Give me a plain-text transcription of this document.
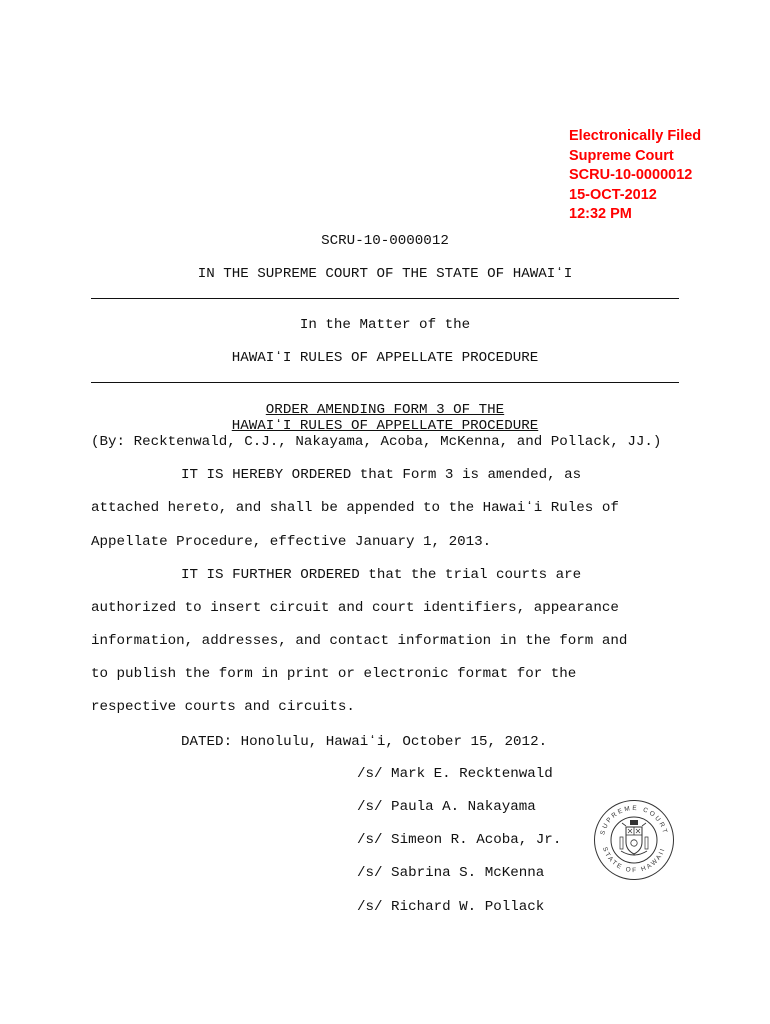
Electronically Filed
Supreme Court
SCRU-10-0000012
15-OCT-2012
12:32 PM
SCRU-10-0000012
IN THE SUPREME COURT OF THE STATE OF HAWAIʻI
In the Matter of the
HAWAIʻI RULES OF APPELLATE PROCEDURE
ORDER AMENDING FORM 3 OF THE
HAWAIʻI RULES OF APPELLATE PROCEDURE
(By: Recktenwald, C.J., Nakayama, Acoba, McKenna, and Pollack, JJ.)
IT IS HEREBY ORDERED that Form 3 is amended, as
attached hereto, and shall be appended to the Hawaiʻi Rules of
Appellate Procedure, effective January 1, 2013.
IT IS FURTHER ORDERED that the trial courts are
authorized to insert circuit and court identifiers, appearance
information, addresses, and contact information in the form and
to publish the form in print or electronic format for the
respective courts and circuits.
DATED: Honolulu, Hawaiʻi, October 15, 2012.
/s/ Mark E. Recktenwald
/s/ Paula A. Nakayama
/s/ Simeon R. Acoba, Jr.
/s/ Sabrina S. McKenna
/s/ Richard W. Pollack
SUPREME COURT
STATE OF HAWAII
